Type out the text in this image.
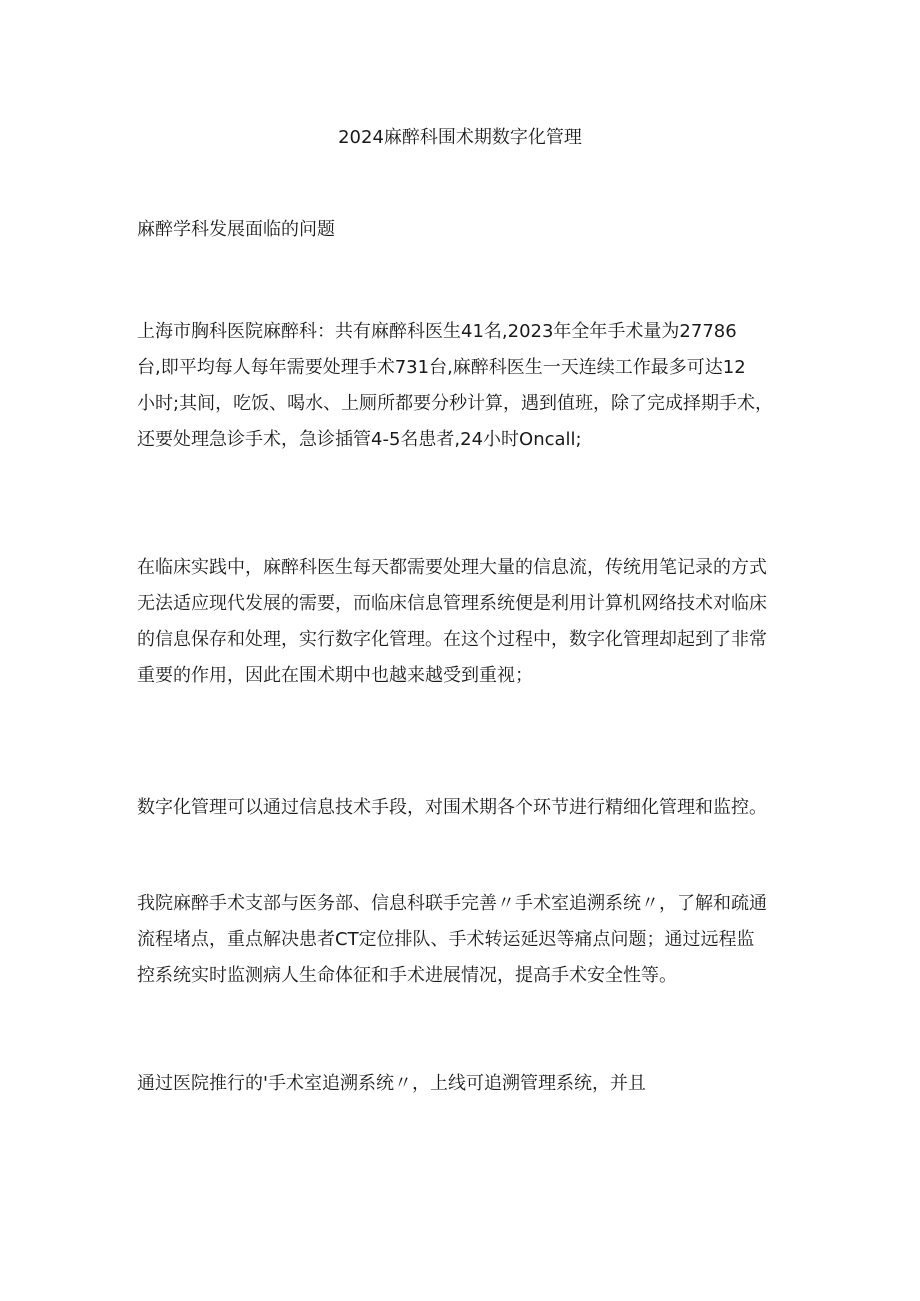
2024麻醉科围术期数字化管理
麻醉学科发展面临的问题

上海市胸科医院麻醉科：共有麻醉科医生41名,2023年全年手术量为27786
台,即平均每人每年需要处理手术731台,麻醉科医生一天连续工作最多可达12
小时;其间，吃饭、喝水、上厕所都要分秒计算，遇到值班，除了完成择期手术，
还要处理急诊手术，急诊插管4-5名患者,24小时Oncall;

在临床实践中，麻醉科医生每天都需要处理大量的信息流，传统用笔记录的方式
无法适应现代发展的需要，而临床信息管理系统便是利用计算机网络技术对临床
的信息保存和处理，实行数字化管理。在这个过程中，数字化管理却起到了非常
重要的作用，因此在围术期中也越来越受到重视；

数字化管理可以通过信息技术手段，对围术期各个环节进行精细化管理和监控。

我院麻醉手术支部与医务部、信息科联手完善〃手术室追溯系统〃，了解和疏通
流程堵点，重点解决患者CT定位排队、手术转运延迟等痛点问题；通过远程监
控系统实时监测病人生命体征和手术进展情况，提高手术安全性等。

通过医院推行的'手术室追溯系统〃，上线可追溯管理系统，并且
